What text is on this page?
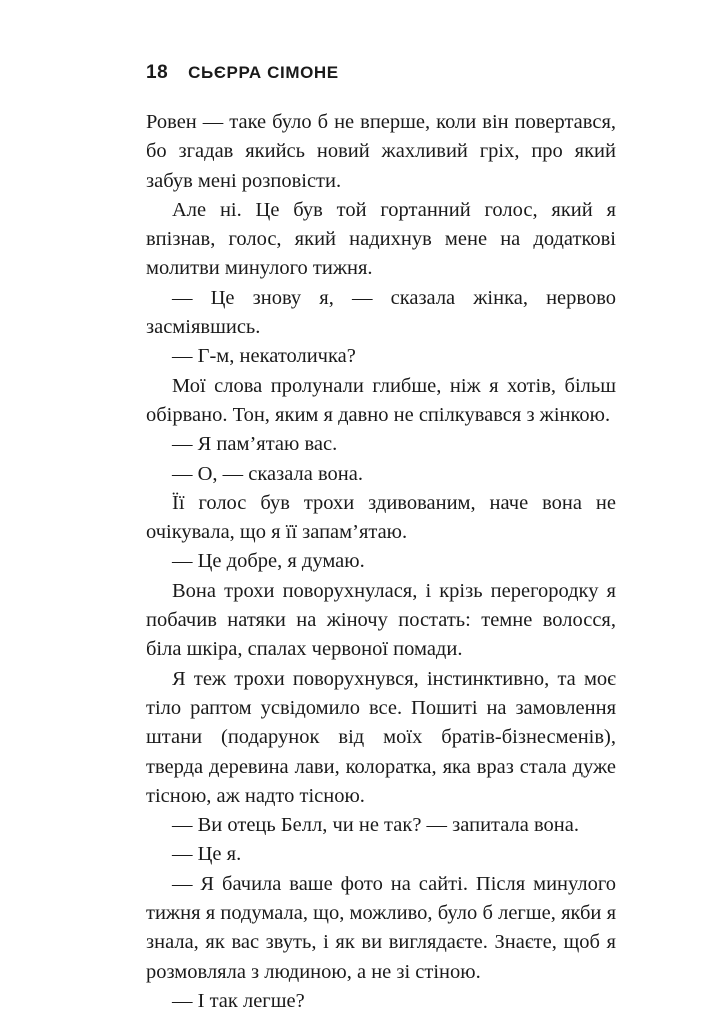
18 СЬЄРРА СІМОНЕ

Ровен — таке було б не вперше, коли він повертався, бо згадав якийсь новий жахливий гріх, про який забув мені розповісти.

Але ні. Це був той гортанний голос, який я впізнав, голос, який надихнув мене на додаткові молитви минулого тижня.

— Це знову я, — сказала жінка, нервово засміявшись.

— Г-м, некатоличка?

Мої слова пролунали глибше, ніж я хотів, більш обірвано. Тон, яким я давно не спілкувався з жінкою.

— Я пам’ятаю вас.

— О, — сказала вона.

Її голос був трохи здивованим, наче вона не очікувала, що я її запам’ятаю.

— Це добре, я думаю.

Вона трохи поворухнулася, і крізь перегородку я побачив натяки на жіночу постать: темне волосся, біла шкіра, спалах червоної помади.

Я теж трохи поворухнувся, інстинктивно, та моє тіло раптом усвідомило все. Пошиті на замовлення штани (подарунок від моїх братів-бізнесменів), тверда деревина лави, колоратка, яка враз стала дуже тісною, аж надто тісною.

— Ви отець Белл, чи не так? — запитала вона.

— Це я.

— Я бачила ваше фото на сайті. Після минулого тижня я подумала, що, можливо, було б легше, якби я знала, як вас звуть, і як ви виглядаєте. Знаєте, щоб я розмовляла з людиною, а не зі стіною.

— І так легше?
